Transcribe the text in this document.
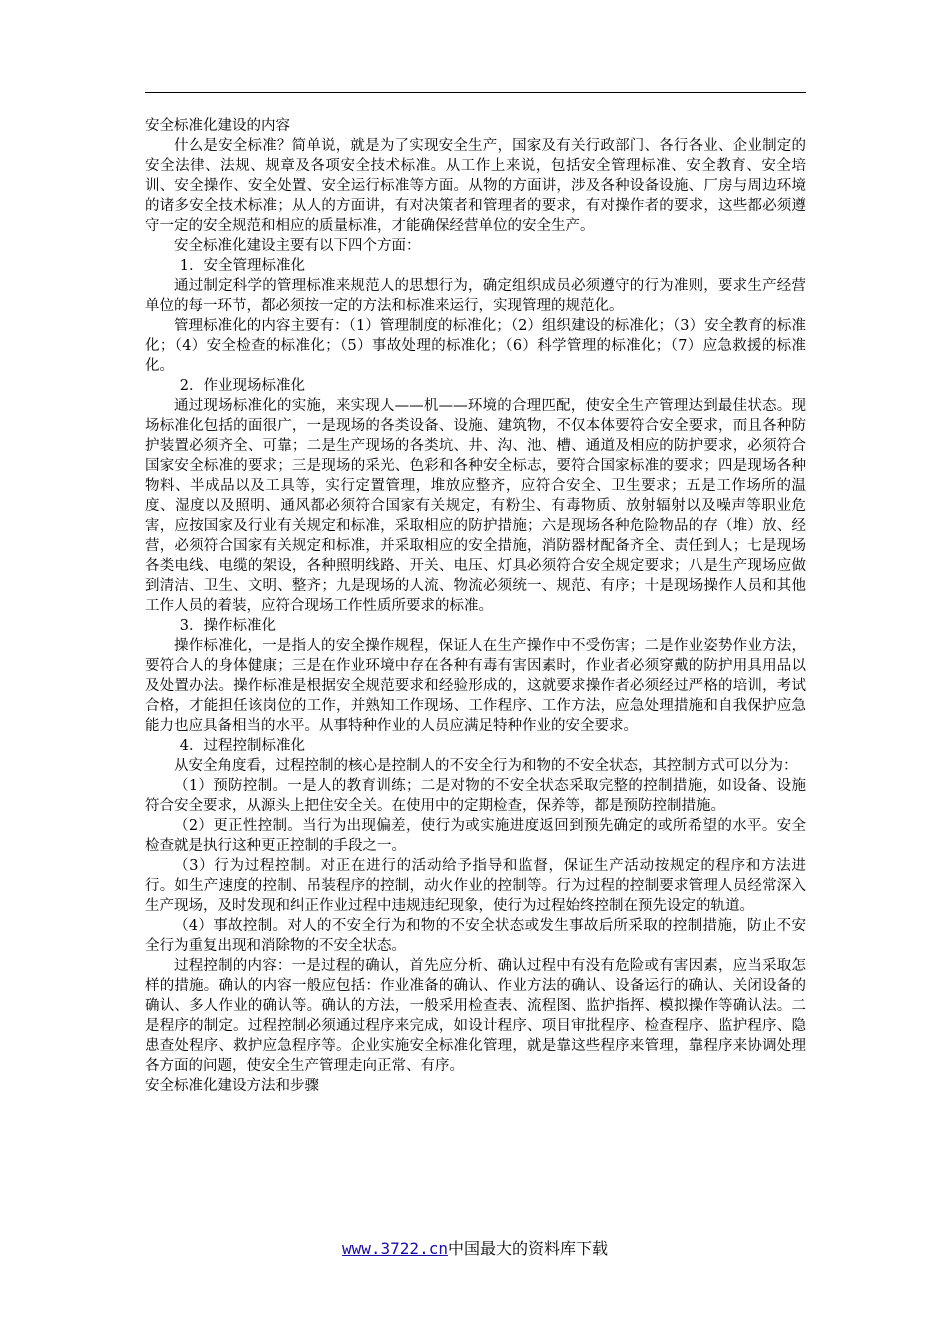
安全标准化建设的内容

什么是安全标准？简单说，就是为了实现安全生产，国家及有关行政部门、各行各业、企业制定的安全法律、法规、规章及各项安全技术标准。从工作上来说，包括安全管理标准、安全教育、安全培训、安全操作、安全处置、安全运行标准等方面。从物的方面讲，涉及各种设备设施、厂房与周边环境的诸多安全技术标准；从人的方面讲，有对决策者和管理者的要求，有对操作者的要求，这些都必须遵守一定的安全规范和相应的质量标准，才能确保经营单位的安全生产。

安全标准化建设主要有以下四个方面：

1．安全管理标准化

通过制定科学的管理标准来规范人的思想行为，确定组织成员必须遵守的行为准则，要求生产经营单位的每一环节，都必须按一定的方法和标准来运行，实现管理的规范化。

管理标准化的内容主要有：（1）管理制度的标准化；（2）组织建设的标准化；（3）安全教育的标准化；（4）安全检查的标准化；（5）事故处理的标准化；（6）科学管理的标准化；（7）应急救援的标准化。

2．作业现场标准化

通过现场标准化的实施，来实现人——机——环境的合理匹配，使安全生产管理达到最佳状态。现场标准化包括的面很广，一是现场的各类设备、设施、建筑物，不仅本体要符合安全要求，而且各种防护装置必须齐全、可靠；二是生产现场的各类坑、井、沟、池、槽、通道及相应的防护要求，必须符合国家安全标准的要求；三是现场的采光、色彩和各种安全标志，要符合国家标准的要求；四是现场各种物料、半成品以及工具等，实行定置管理，堆放应整齐，应符合安全、卫生要求；五是工作场所的温度、湿度以及照明、通风都必须符合国家有关规定，有粉尘、有毒物质、放射辐射以及噪声等职业危害，应按国家及行业有关规定和标准，采取相应的防护措施；六是现场各种危险物品的存（堆）放、经营，必须符合国家有关规定和标准，并采取相应的安全措施，消防器材配备齐全、责任到人；七是现场各类电线、电缆的架设，各种照明线路、开关、电压、灯具必须符合安全规定要求；八是生产现场应做到清洁、卫生、文明、整齐；九是现场的人流、物流必须统一、规范、有序；十是现场操作人员和其他工作人员的着装，应符合现场工作性质所要求的标准。

3．操作标准化

操作标准化，一是指人的安全操作规程，保证人在生产操作中不受伤害；二是作业姿势作业方法，要符合人的身体健康；三是在作业环境中存在各种有毒有害因素时，作业者必须穿戴的防护用具用品以及处置办法。操作标准是根据安全规范要求和经验形成的，这就要求操作者必须经过严格的培训，考试合格，才能担任该岗位的工作，并熟知工作现场、工作程序、工作方法，应急处理措施和自我保护应急能力也应具备相当的水平。从事特种作业的人员应满足特种作业的安全要求。

4．过程控制标准化

从安全角度看，过程控制的核心是控制人的不安全行为和物的不安全状态，其控制方式可以分为：

（1）预防控制。一是人的教育训练；二是对物的不安全状态采取完整的控制措施，如设备、设施符合安全要求，从源头上把住安全关。在使用中的定期检查，保养等，都是预防控制措施。

（2）更正性控制。当行为出现偏差，使行为或实施进度返回到预先确定的或所希望的水平。安全检查就是执行这种更正控制的手段之一。

（3）行为过程控制。对正在进行的活动给予指导和监督，保证生产活动按规定的程序和方法进行。如生产速度的控制、吊装程序的控制，动火作业的控制等。行为过程的控制要求管理人员经常深入生产现场，及时发现和纠正作业过程中违规违纪现象，使行为过程始终控制在预先设定的轨道。

（4）事故控制。对人的不安全行为和物的不安全状态或发生事故后所采取的控制措施，防止不安全行为重复出现和消除物的不安全状态。

过程控制的内容：一是过程的确认，首先应分析、确认过程中有没有危险或有害因素，应当采取怎样的措施。确认的内容一般应包括：作业准备的确认、作业方法的确认、设备运行的确认、关闭设备的确认、多人作业的确认等。确认的方法，一般采用检查表、流程图、监护指挥、模拟操作等确认法。二是程序的制定。过程控制必须通过程序来完成，如设计程序、项目审批程序、检查程序、监护程序、隐患查处程序、救护应急程序等。企业实施安全标准化管理，就是靠这些程序来管理，靠程序来协调处理各方面的问题，使安全生产管理走向正常、有序。

安全标准化建设方法和步骤

www.3722.cn中国最大的资料库下载
